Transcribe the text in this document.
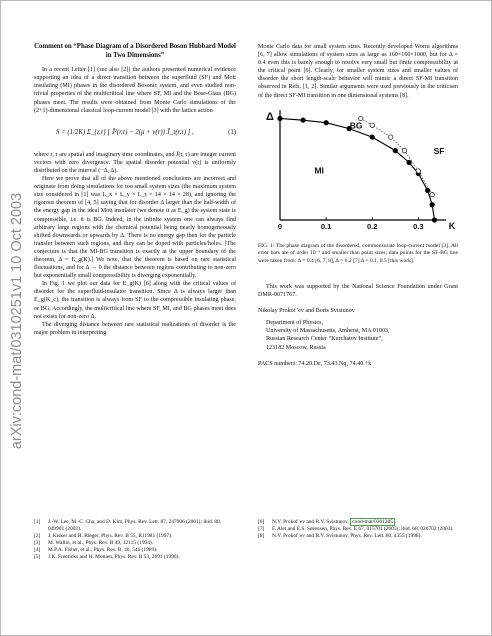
arXiv:cond-mat/0310251v1 10 Oct 2003
Comment on “Phase Diagram of a Disordered Boson Hubbard Model in Two Dimensions”

In a recent Letter [1] (see also [2]) the authors presented numerical evidence supporting an idea of a direct transition between the superfluid (SF) and Mott insulating (MI) phases in the disordered Bosonic system, and even studied non-trivial properties of the multicritical line where SF, MI and the Bose-Glass (BG) phases meet. The results were obtained from Monte Carlo simulations of the (2+1)-dimensional classical loop-current model [3] with the lattice action

S = (1/2K) Σ_{r,τ} [ J̄²(r,τ) − 2(μ + v(r)) J̄_τ(r,τ) ] ,	(1)

where r, τ are spatial and imaginary time coordinates, and J̄(r, τ) are integer current vectors with zero divergence. The spatial disorder potential v(r) is uniformly distributed on the interval (−Δ, Δ).

Here we prove that all of the above mentioned conclusions are incorrect and originate from doing simulations for too small system sizes (the maximum system size considered in [1] was L_x × L_y × L_τ = 14 × 14 × 28), and ignoring the rigorous theorem of [4, 5] saying that for disorder Δ larger than the half-width of the energy gap in the ideal Mott insulator (we denote it as E_g) the system state is compressible, i.e. it is BG. Indeed, in the infinite system one can always find arbitrary large regions with the chemical potential being nearly homogeneously shifted downwards or upwards by Δ. There is no energy gap then for the particle transfer between such regions, and they can be doped with particles/holes. [The conjecture is that the MI-BG transition is exactly at the upper boundary of the theorem, Δ = E_g(K).] We note, that the theorem is based on rare statistical fluctuations, and for Δ → 0 the distance between regions contributing to non-zero but exponentially small compressibility is diverging exponentially.

In Fig. 1 we plot our data for E_g(K) [6] along with the critical values of disorder for the superfluid-insulator transition. Since Δ is always larger than E_g(K_c), the transition is always from SF to the compressible insulating phase, or BG. Accordingly, the multicritical line where SF, MI, and BG phases meet does not exists for non-zero Δ.

The diverging distance between rare statistical realizations of disorder is the major problem in interpreting

Monte Carlo data for small system sizes. Recently developed Worm algorithms [6, 7] allow simulations of system sizes as large as 160×160×1000, but for Δ = 0.4 even this is barely enough to resolve very small but finite compressibility at the critical point [6]. Clearly, for smaller system sizes and smaller values of disorder the short length-scale behavior will mimic a direct SF-MI transition observed in Refs. [1, 2]. Similar arguments were used previously in the criticism of the direct SF-MI transition in one dimensional systems [8].

0	0.1	0.2	0.3	K
Δ
BG
SF
MI
FIG. 1: The phase diagram of the disordered, commensurate loop-current model [3]. All error bars are of order 10⁻³ and smaller than point sizes; data points for the SF-BG line were taken from: Δ = 0.4 [6, 7, 8], Δ = 0.2 [7] Δ = 0.1, 0.5 [this work].

This work was supported by the National Science Foundation under Grant DMR-0071767.

Nikolay Prokof’ev and Boris Svistunov

Department of Physics,
University of Massachusetts, Amherst, MA 01003,
Russian Research Center “Kurchatov Institute”,
123182 Moscow, Russia

PACS numbers: 74.20.De, 73.43.Nq, 74.40.+k

[1]	J.-W. Lee, M.-C. Cha, and D. Kim, Phys. Rev. Lett. 87, 247006 (2001); ibid. 88, 049901 (2002).
[2]	J. Kisker and H. Rieger, Phys. Rev. B 55, R11981 (1997).
[3]	M. Wallin, et al., Phys. Rev. B 49, 12115 (1994).
[4]	M.P.A. Fisher, et al., Phys. Rev. B, 40, 546 (1989).
[5]	J.K. Freericks and H. Monien, Phys. Rev. B 53, 2691 (1996).
[6]	N.V. Prokof’ev and B.V. Svistunov, cond-mat/0301205 .
[7]	F. Alet and E.S. Sørensen, Phys. Rev. E 67, 015701 (2003); ibid. 68, 026702 (2003).
[8]	N.V. Prokof’ev and B.V. Svistunov, Phys. Rev. Lett. 80, 4355 (1998).
